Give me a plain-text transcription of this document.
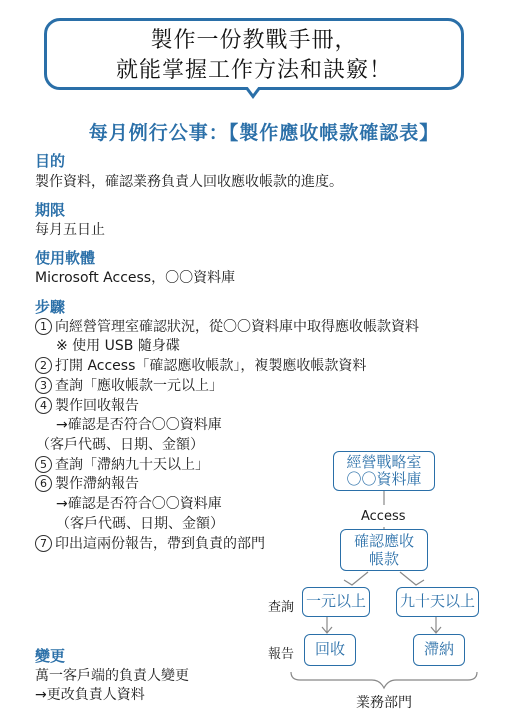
製作一份教戰手冊，
就能掌握工作方法和訣竅！
每月例行公事：【製作應收帳款確認表】
目的
製作資料，確認業務負責人回收應收帳款的進度。
期限
每月五日止
使用軟體
Microsoft Access，〇〇資料庫
步驟
1 向經營管理室確認狀況，從〇〇資料庫中取得應收帳款資料
※ 使用 USB 隨身碟
2 打開 Access「確認應收帳款」，複製應收帳款資料
3 查詢「應收帳款一元以上」
4 製作回收報告
→確認是否符合〇〇資料庫
（客戶代碼、日期、金額）
5 查詢「滯納九十天以上」
6 製作滯納報告
→確認是否符合〇〇資料庫
（客戶代碼、日期、金額）
7 印出這兩份報告，帶到負責的部門
變更
萬一客戶端的負責人變更
→更改負責人資料
經營戰略室
〇〇資料庫
Access
確認應收
帳款
查詢 一元以上 九十天以上
報告	回收	滯納
業務部門
